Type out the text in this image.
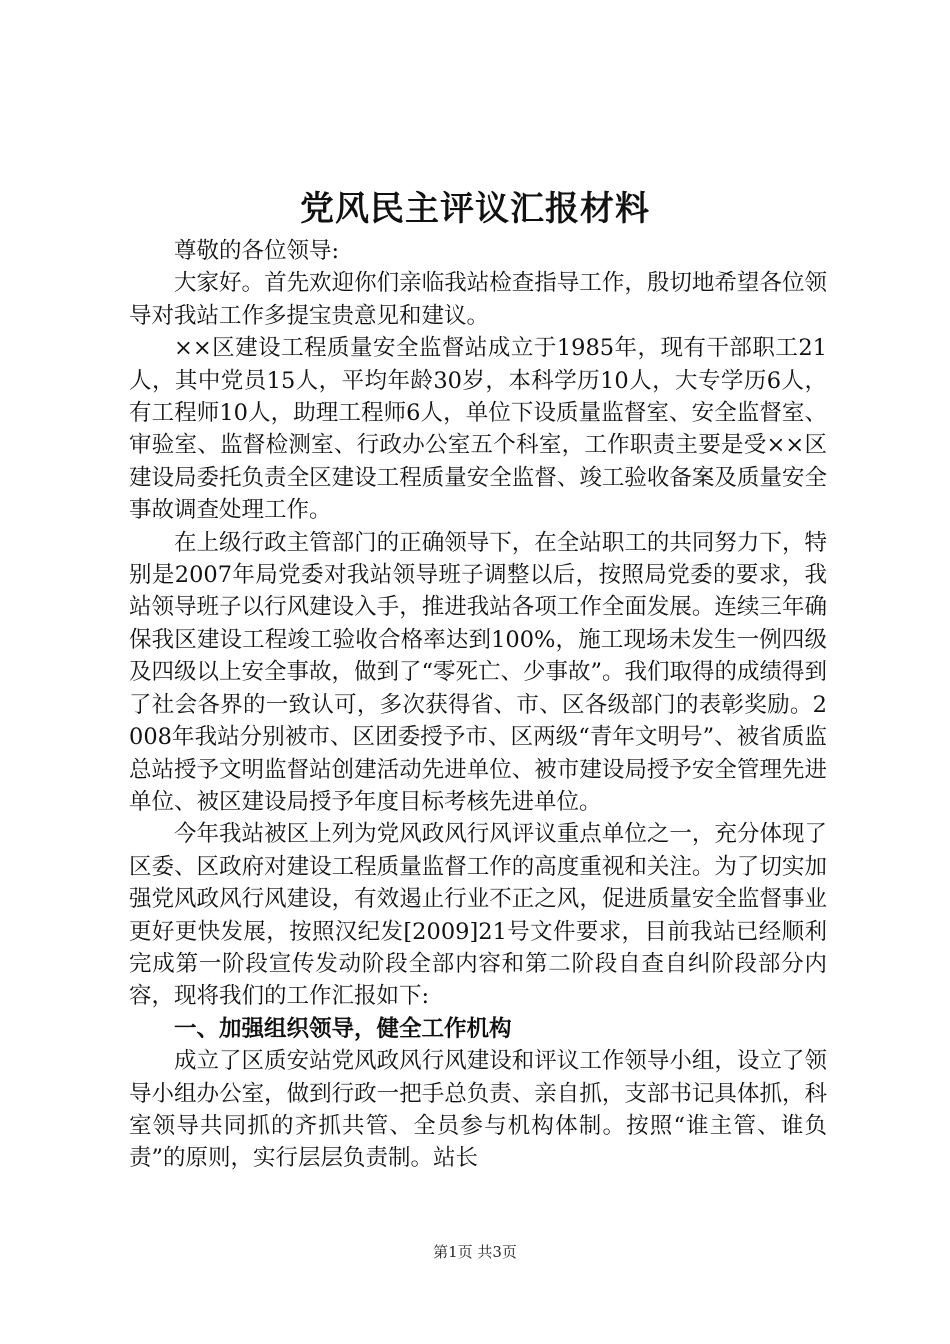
党风民主评议汇报材料

尊敬的各位领导:

大家好。首先欢迎你们亲临我站检查指导工作，殷切地希望各位领导对我站工作多提宝贵意见和建议。

××区建设工程质量安全监督站成立于1985年，现有干部职工21人，其中党员15人，平均年龄30岁，本科学历10人，大专学历6人，有工程师10人，助理工程师6人，单位下设质量监督室、安全监督室、审验室、监督检测室、行政办公室五个科室，工作职责主要是受××区建设局委托负责全区建设工程质量安全监督、竣工验收备案及质量安全事故调查处理工作。

在上级行政主管部门的正确领导下，在全站职工的共同努力下，特别是2007年局党委对我站领导班子调整以后，按照局党委的要求，我站领导班子以行风建设入手，推进我站各项工作全面发展。连续三年确保我区建设工程竣工验收合格率达到100%，施工现场未发生一例四级及四级以上安全事故，做到了“零死亡、少事故”。我们取得的成绩得到了社会各界的一致认可，多次获得省、市、区各级部门的表彰奖励。2008年我站分别被市、区团委授予市、区两级“青年文明号”、被省质监总站授予文明监督站创建活动先进单位、被市建设局授予安全管理先进单位、被区建设局授予年度目标考核先进单位。

今年我站被区上列为党风政风行风评议重点单位之一，充分体现了区委、区政府对建设工程质量监督工作的高度重视和关注。为了切实加强党风政风行风建设，有效遏止行业不正之风，促进质量安全监督事业更好更快发展，按照汉纪发[2009]21号文件要求，目前我站已经顺利完成第一阶段宣传发动阶段全部内容和第二阶段自查自纠阶段部分内容，现将我们的工作汇报如下:

一、加强组织领导，健全工作机构

成立了区质安站党风政风行风建设和评议工作领导小组，设立了领导小组办公室，做到行政一把手总负责、亲自抓，支部书记具体抓，科室领导共同抓的齐抓共管、全员参与机构体制。按照“谁主管、谁负责”的原则，实行层层负责制。站长

第1页 共3页
